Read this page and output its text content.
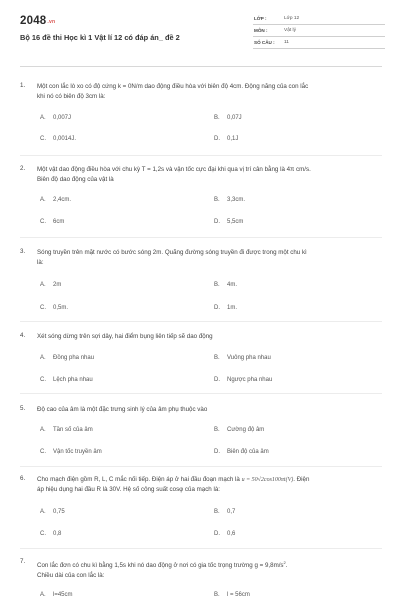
2048.vn
Bộ 16 đề thi Học kì 1 Vật lí 12 có đáp án_ đề 2
LỚP :	Lớp 12
MÔN :	Vật lý
SỐ CÂU : 11
1. Một con lắc lò xo có độ cứng k = 0N/m dao động điều hòa với biên độ 4cm. Động năng của con lắc
khi nó có biên độ 3cm là:
A. 0,007J	B. 0,07J
C. 0,0014J.	D. 0,1J
2. Một vật dao động điều hòa với chu kỳ T = 1,2s và vận tốc cực đại khi qua vị trí cân bằng là 4π cm/s.
Biên độ dao động của vật là
A. 2,4cm.	B. 3,3cm.
C. 6cm	D. 5,5cm
3. Sóng truyền trên mặt nước có bước sóng 2m. Quãng đường sóng truyền đi được trong một chu kì
là:
A. 2m	B. 4m.
C. 0,5m.	D. 1m.
4. Xét sóng dừng trên sợi dây, hai điểm bụng liên tiếp sẽ dao động
A. Đồng pha nhau	B. Vuông pha nhau
C. Lệch pha nhau	D. Ngược pha nhau
5. Độ cao của âm là một đặc trưng sinh lý của âm phụ thuộc vào
A. Tần số của âm	B. Cường độ âm
C. Vận tốc truyền âm	D. Biên độ của âm
6. Cho mạch điện gồm R, L, C mắc nối tiếp. Điện áp ở hai đầu đoạn mạch là u = 50√2cos100πt(V). Điện
áp hiệu dụng hai đầu R là 30V. Hệ số công suất cosφ của mạch là:
A. 0,75	B. 0,7
C. 0,8	D. 0,6
7.
Con lắc đơn có chu kì bằng 1,5s khi nó dao động ở nơi có gia tốc trọng trường $g = 9,8m/s^2$.
Chiều dài của con lắc là:
A. l=45cm	B. l = 56cm
